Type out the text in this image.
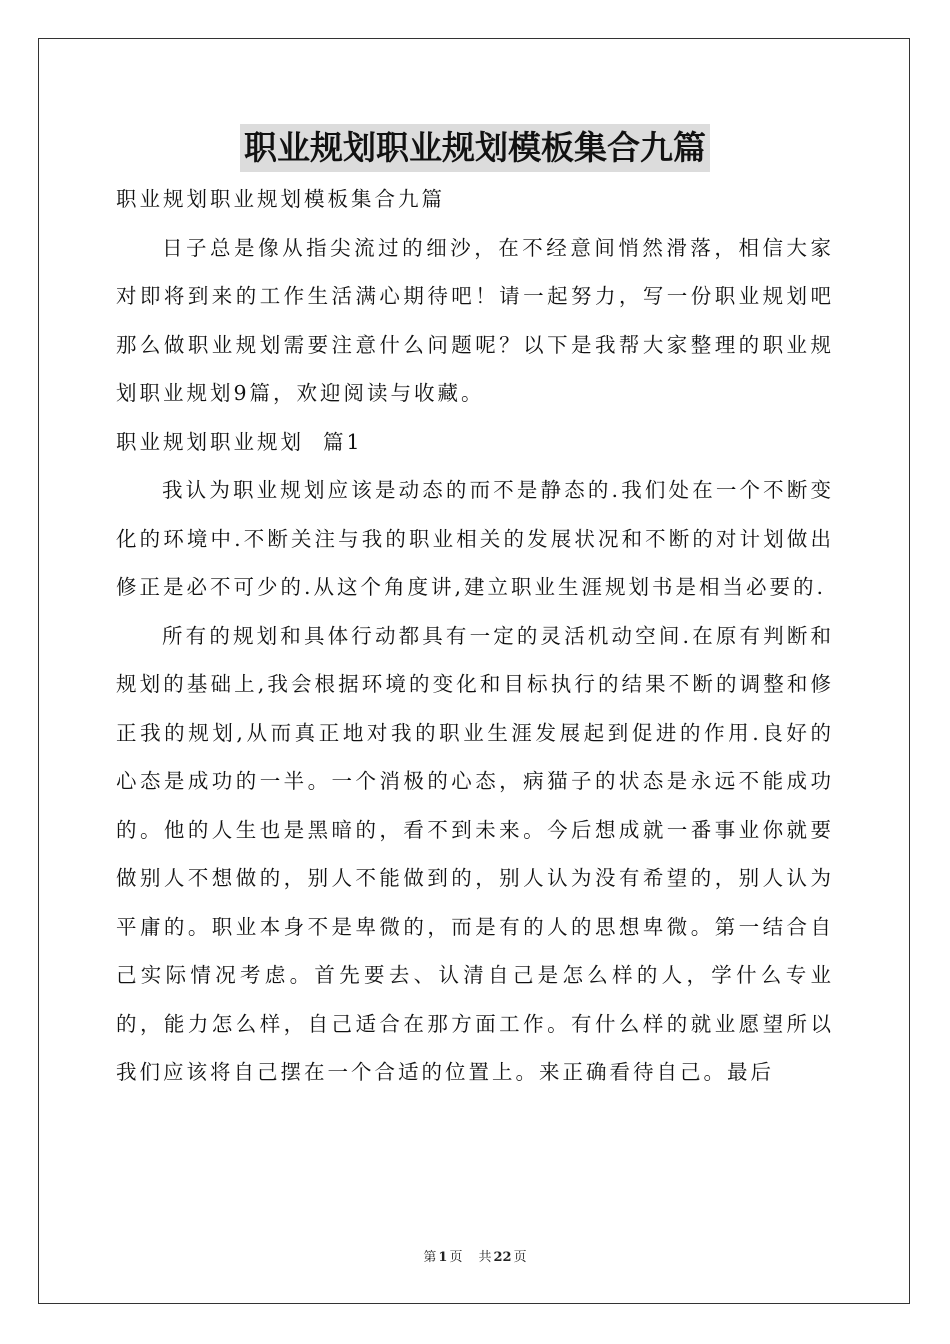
职业规划职业规划模板集合九篇

职业规划职业规划模板集合九篇

日子总是像从指尖流过的细沙，在不经意间悄然滑落，相信大家对即将到来的工作生活满心期待吧！请一起努力，写一份职业规划吧那么做职业规划需要注意什么问题呢？以下是我帮大家整理的职业规划职业规划9篇，欢迎阅读与收藏。

职业规划职业规划  篇1

我认为职业规划应该是动态的而不是静态的.我们处在一个不断变化的环境中.不断关注与我的职业相关的发展状况和不断的对计划做出修正是必不可少的.从这个角度讲,建立职业生涯规划书是相当必要的.

所有的规划和具体行动都具有一定的灵活机动空间.在原有判断和规划的基础上,我会根据环境的变化和目标执行的结果不断的调整和修正我的规划,从而真正地对我的职业生涯发展起到促进的作用.良好的心态是成功的一半。一个消极的心态，病猫子的状态是永远不能成功的。他的人生也是黑暗的，看不到未来。今后想成就一番事业你就要做别人不想做的，别人不能做到的，别人认为没有希望的，别人认为平庸的。职业本身不是卑微的，而是有的人的思想卑微。第一结合自己实际情况考虑。首先要去、认清自己是怎么样的人，学什么专业的，能力怎么样，自己适合在那方面工作。有什么样的就业愿望所以我们应该将自己摆在一个合适的位置上。来正确看待自己。最后

第 1 页 共 22 页
